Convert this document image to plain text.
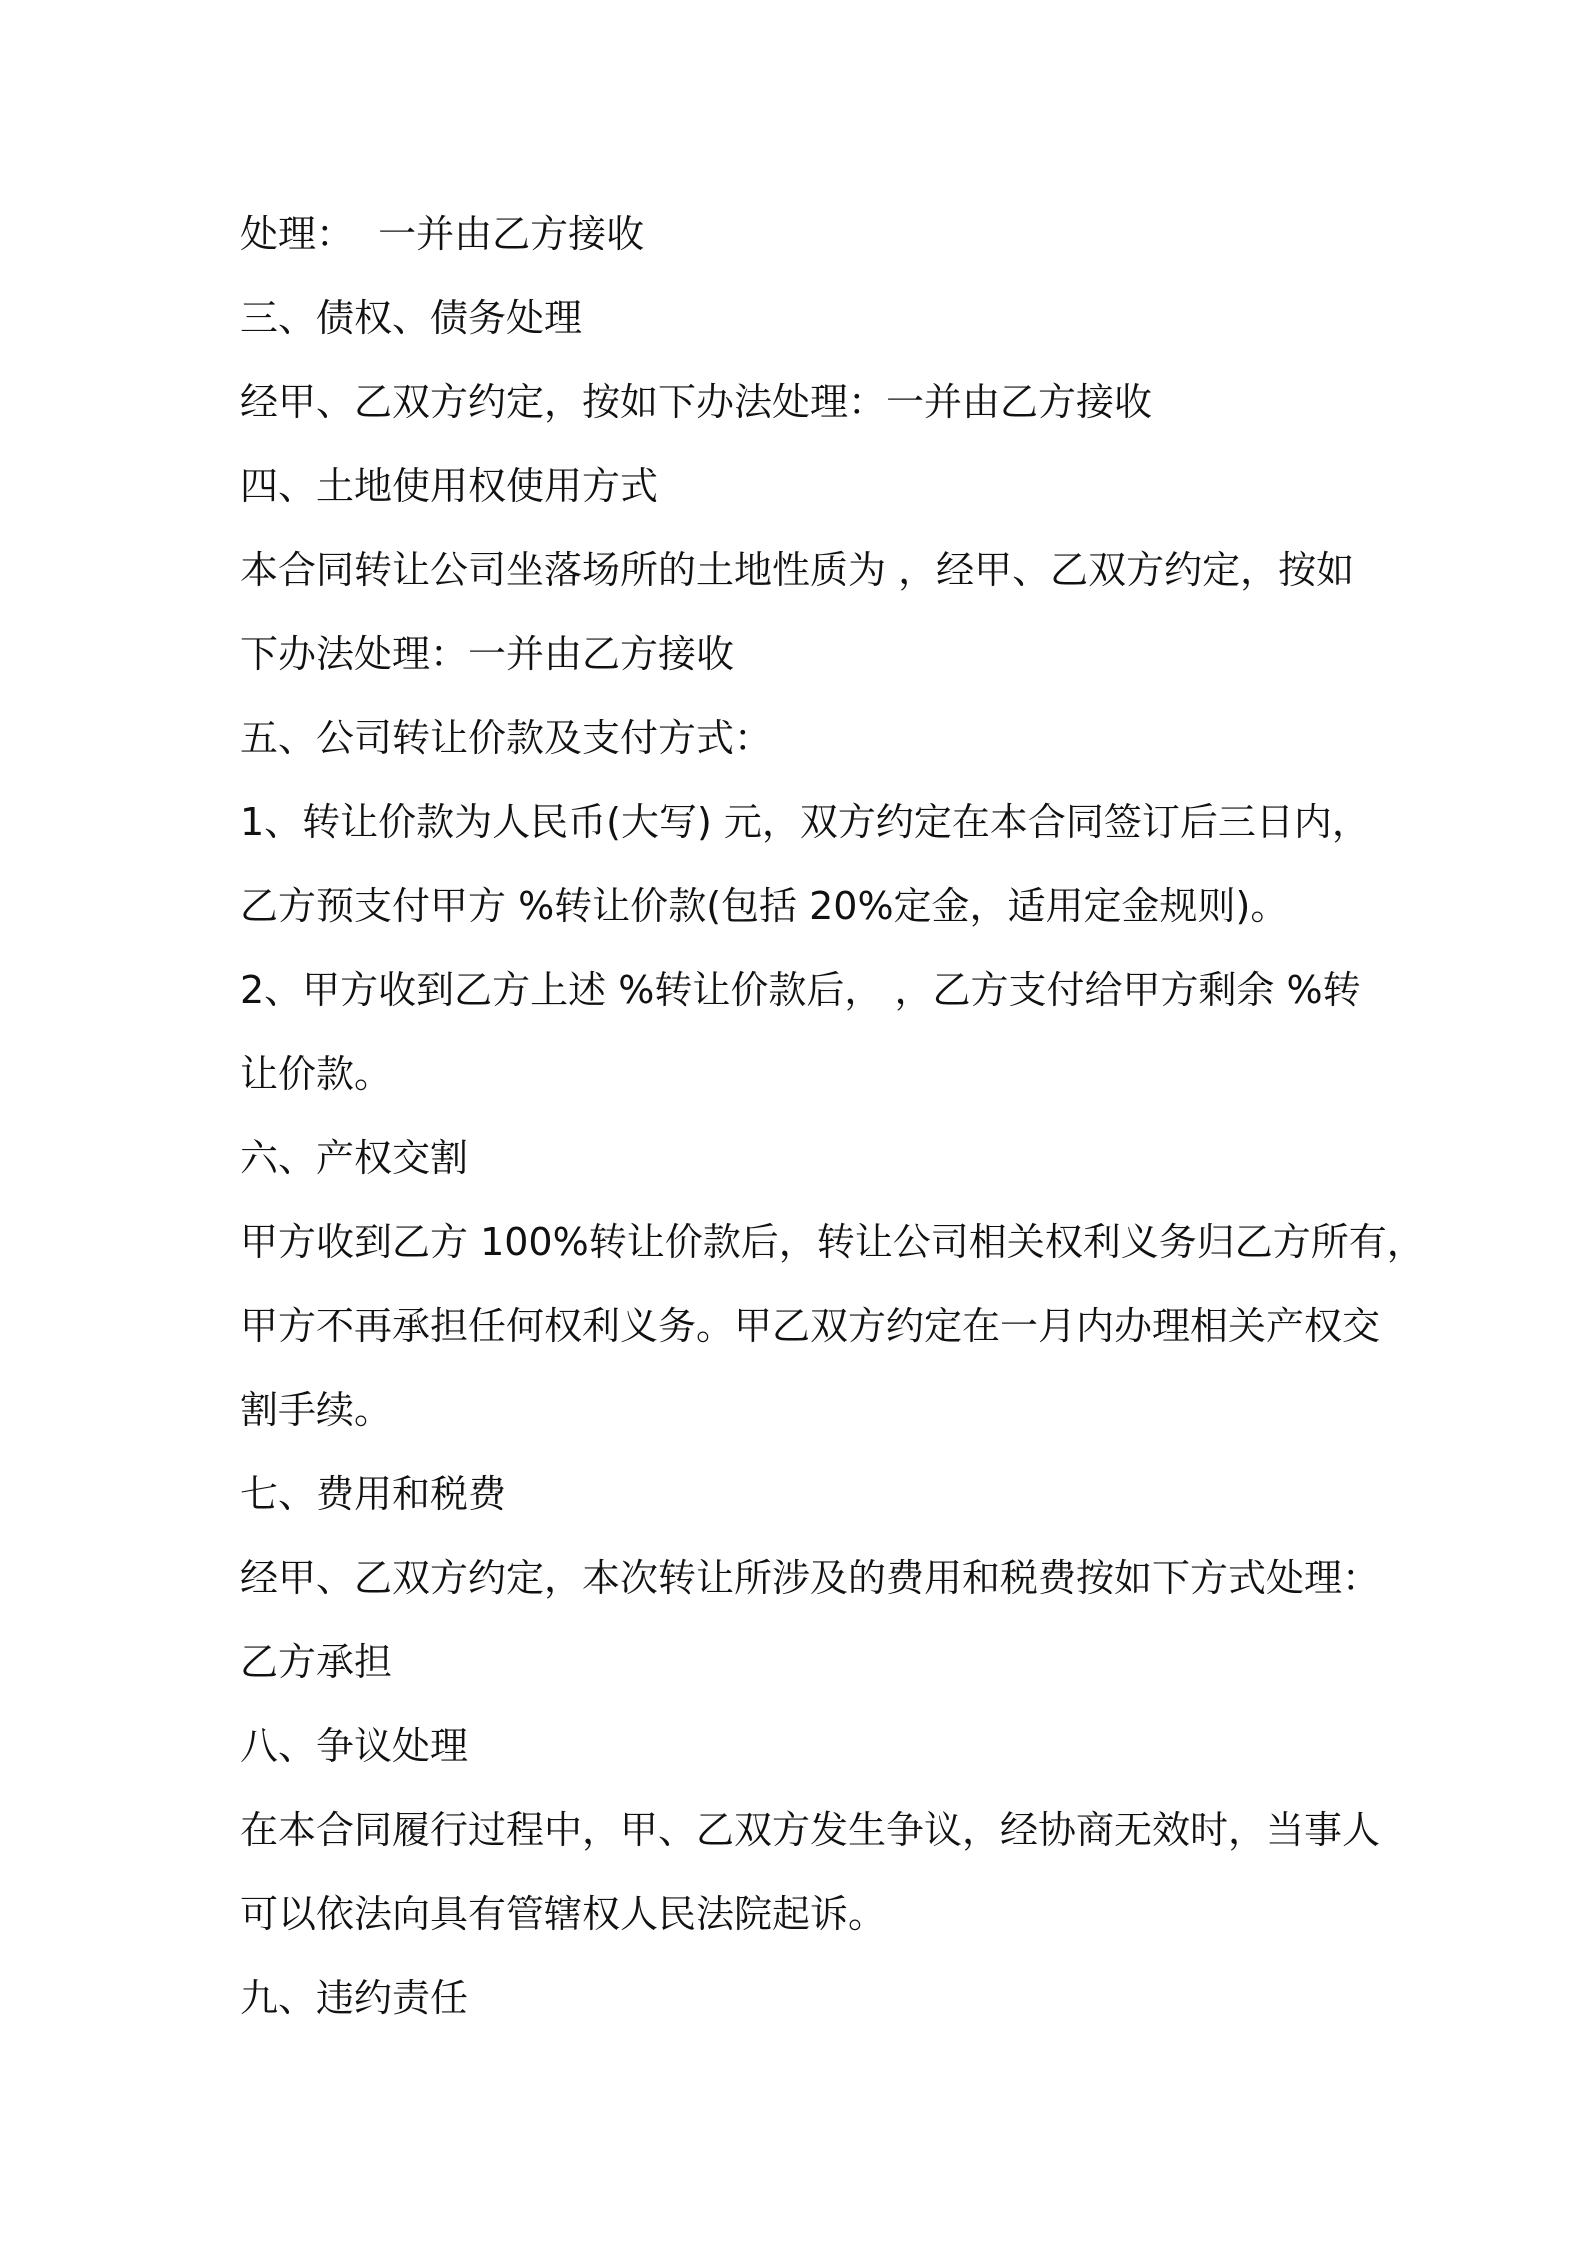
处理：  一并由乙方接收
三、债权、债务处理
经甲、乙双方约定，按如下办法处理：一并由乙方接收
四、土地使用权使用方式
本合同转让公司坐落场所的土地性质为 ，经甲、乙双方约定，按如
下办法处理：一并由乙方接收
五、公司转让价款及支付方式：
1、转让价款为人民币(大写) 元，双方约定在本合同签订后三日内，
乙方预支付甲方 %转让价款(包括 20%定金，适用定金规则)。
2、甲方收到乙方上述 %转让价款后， ，乙方支付给甲方剩余 %转
让价款。
六、产权交割
甲方收到乙方 100%转让价款后，转让公司相关权利义务归乙方所有，
甲方不再承担任何权利义务。甲乙双方约定在一月内办理相关产权交
割手续。
七、费用和税费
经甲、乙双方约定，本次转让所涉及的费用和税费按如下方式处理：
乙方承担
八、争议处理
在本合同履行过程中，甲、乙双方发生争议，经协商无效时，当事人
可以依法向具有管辖权人民法院起诉。
九、违约责任
